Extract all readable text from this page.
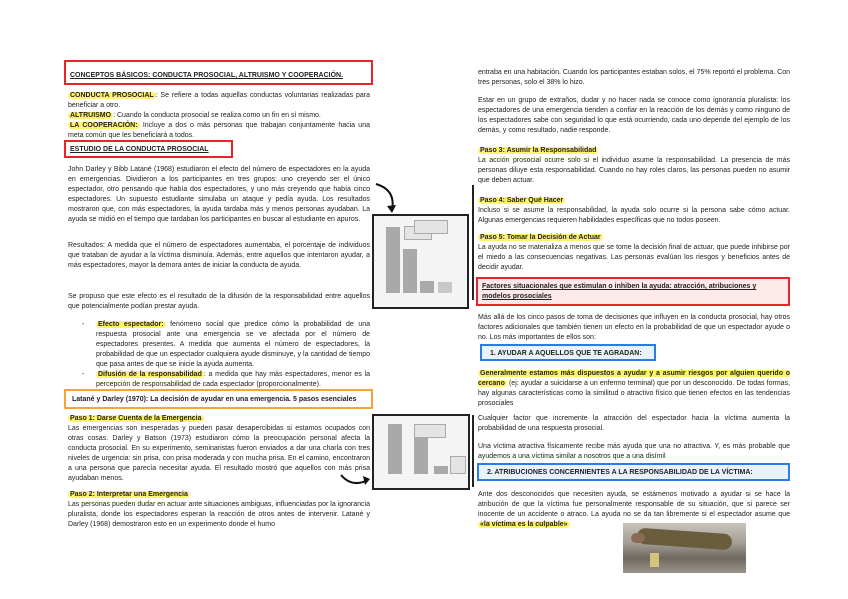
CONCEPTOS BÁSICOS: CONDUCTA PROSOCIAL, ALTRUISMO Y COOPERACIÓN.
CONDUCTA PROSOCIAL : Se refiere a todas aquellas conductas voluntarias realizadas para beneficiar a otro.
ALTRUISMO : Cuando la conducta prosocial se realiza como un fin en sí mismo.
LA COOPERACIÓN: Incluye a dos o más personas que trabajan conjuntamente hacia una meta común que les beneficiará a todos.
ESTUDIO DE LA CONDUCTA PROSOCIAL
John Darley y Bibb Latané (1968) estudiaron el efecto del número de espectadores en la ayuda en emergencias. Dividieron a los participantes en tres grupos: uno creyendo ser el único espectador, otro pensando que había dos espectadores, y uno más creyendo que había cinco espectadores. Un supuesto estudiante simulaba un ataque y pedía ayuda. Los resultados mostraron que, con más espectadores, la ayuda tardaba más y menos personas ayudaban. La ayuda se midió en el tiempo que tardaban los participantes en buscar al estudiante en apuros.
Resultados: A medida que el número de espectadores aumentaba, el porcentaje de individuos que trataban de ayudar a la víctima disminuía. Además, entre aquellos que intentaron ayudar, a más espectadores, mayor la demora antes de iniciar la conducta de ayuda.
Se propuso que este efecto es el resultado de la difusión de la responsabilidad entre aquellos que potencialmente podían prestar ayuda.
- Efecto espectador: fenómeno social que predice cómo la probabilidad de una respuesta prosocial ante una emergencia se ve afectada por el número de espectadores presentes. A medida que aumenta el número de espectadores, la probabilidad de que un espectador cualquiera ayude disminuye, y la cantidad de tiempo que pasa antes de que se inicie la ayuda aumenta.
- Difusión de la responsabilidad : a medida que hay más espectadores, menor es la percepción de responsabilidad de cada espectador (proporcionalmente).
Latané y Darley (1970): La decisión de ayudar en una emergencia. 5 pasos esenciales
Paso 1: Darse Cuenta de la Emergencia
Las emergencias son inesperadas y pueden pasar desapercibidas si estamos ocupados con otras cosas. Darley y Batson (1973) estudiaron cómo la preocupación personal afecta la conducta prosocial. En su experimento, seminaristas fueron enviados a dar una charla con tres niveles de urgencia: sin prisa, con prisa moderada y con mucha prisa. En el camino, encontraron a una persona que parecía necesitar ayuda. El resultado mostró que aquellos con más prisa ayudaban menos.
Paso 2: Interpretar una Emergencia
Las personas pueden dudar en actuar ante situaciones ambiguas, influenciadas por la ignorancia pluralista, donde los espectadores esperan la reacción de otros antes de intervenir. Latané y Darley (1968) demostraron esto en un experimento donde el humo
entraba en una habitación. Cuando los participantes estaban solos, el 75% reportó el problema. Con tres personas, solo el 38% lo hizo.
Estar en un grupo de extraños, dudar y no hacer nada se conoce como ignorancia pluralista: los espectadores de una emergencia tienden a confiar en la reacción de los demás y como ninguno de los espectadores sabe con seguridad lo que está ocurriendo, cada uno depende del ejemplo de los demás, y como resultado, nadie responde.
Paso 3: Asumir la Responsabilidad
La acción prosocial ocurre solo si el individuo asume la responsabilidad. La presencia de más personas diluye esta responsabilidad. Cuando no hay roles claros, las personas pueden no asumir que deben actuar.
Paso 4: Saber Qué Hacer
Incluso si se asume la responsabilidad, la ayuda solo ocurre si la persona sabe cómo actuar. Algunas emergencias requieren habilidades específicas que no todos poseen.
Paso 5: Tomar la Decisión de Actuar
La ayuda no se materializa a menos que se tome la decisión final de actuar, que puede inhibirse por el miedo a las consecuencias negativas. Las personas evalúan los riesgos y beneficios antes de decidir ayudar.
Factores situacionales que estimulan o inhiben la ayuda: atracción, atribuciones y modelos prosociales
Más allá de los cinco pasos de toma de decisiones que influyen en la conducta prosocial, hay otros factores adicionales que también tienen un efecto en la probabilidad de que un espectador ayude o no. Los más importantes de ellos son:
1. AYUDAR A AQUELLOS QUE TE AGRADAN:
Generalmente estamos más dispuestos a ayudar y a asumir riesgos por alguien querido o cercano (ej: ayudar a suicidarse a un enfermo terminal) que por un desconocido. De todas formas, hay algunas características como la similitud o atractivo físico que tienen efectos en las tendencias prosociales
Cualquier factor que incremente la atracción del espectador hacia la víctima aumenta la probabilidad de una respuesta prosocial.
Una víctima atractiva físicamente recibe más ayuda que una no atractiva. Y, es más probable que ayudemos a una víctima similar a nosotros que a una disímil
2. ATRIBUCIONES CONCERNIENTES A LA RESPONSABILIDAD DE LA VÍCTIMA:
Ante dos desconocidos que necesiten ayuda, se estámenos motivado a ayudar si se hace la atribución de que la víctima fue personalmente responsable de su situación, que si parece ser inocente de un accidente o atraco. La ayuda no se da tan libremente si el espectador asume que «la víctima es la culpable»
